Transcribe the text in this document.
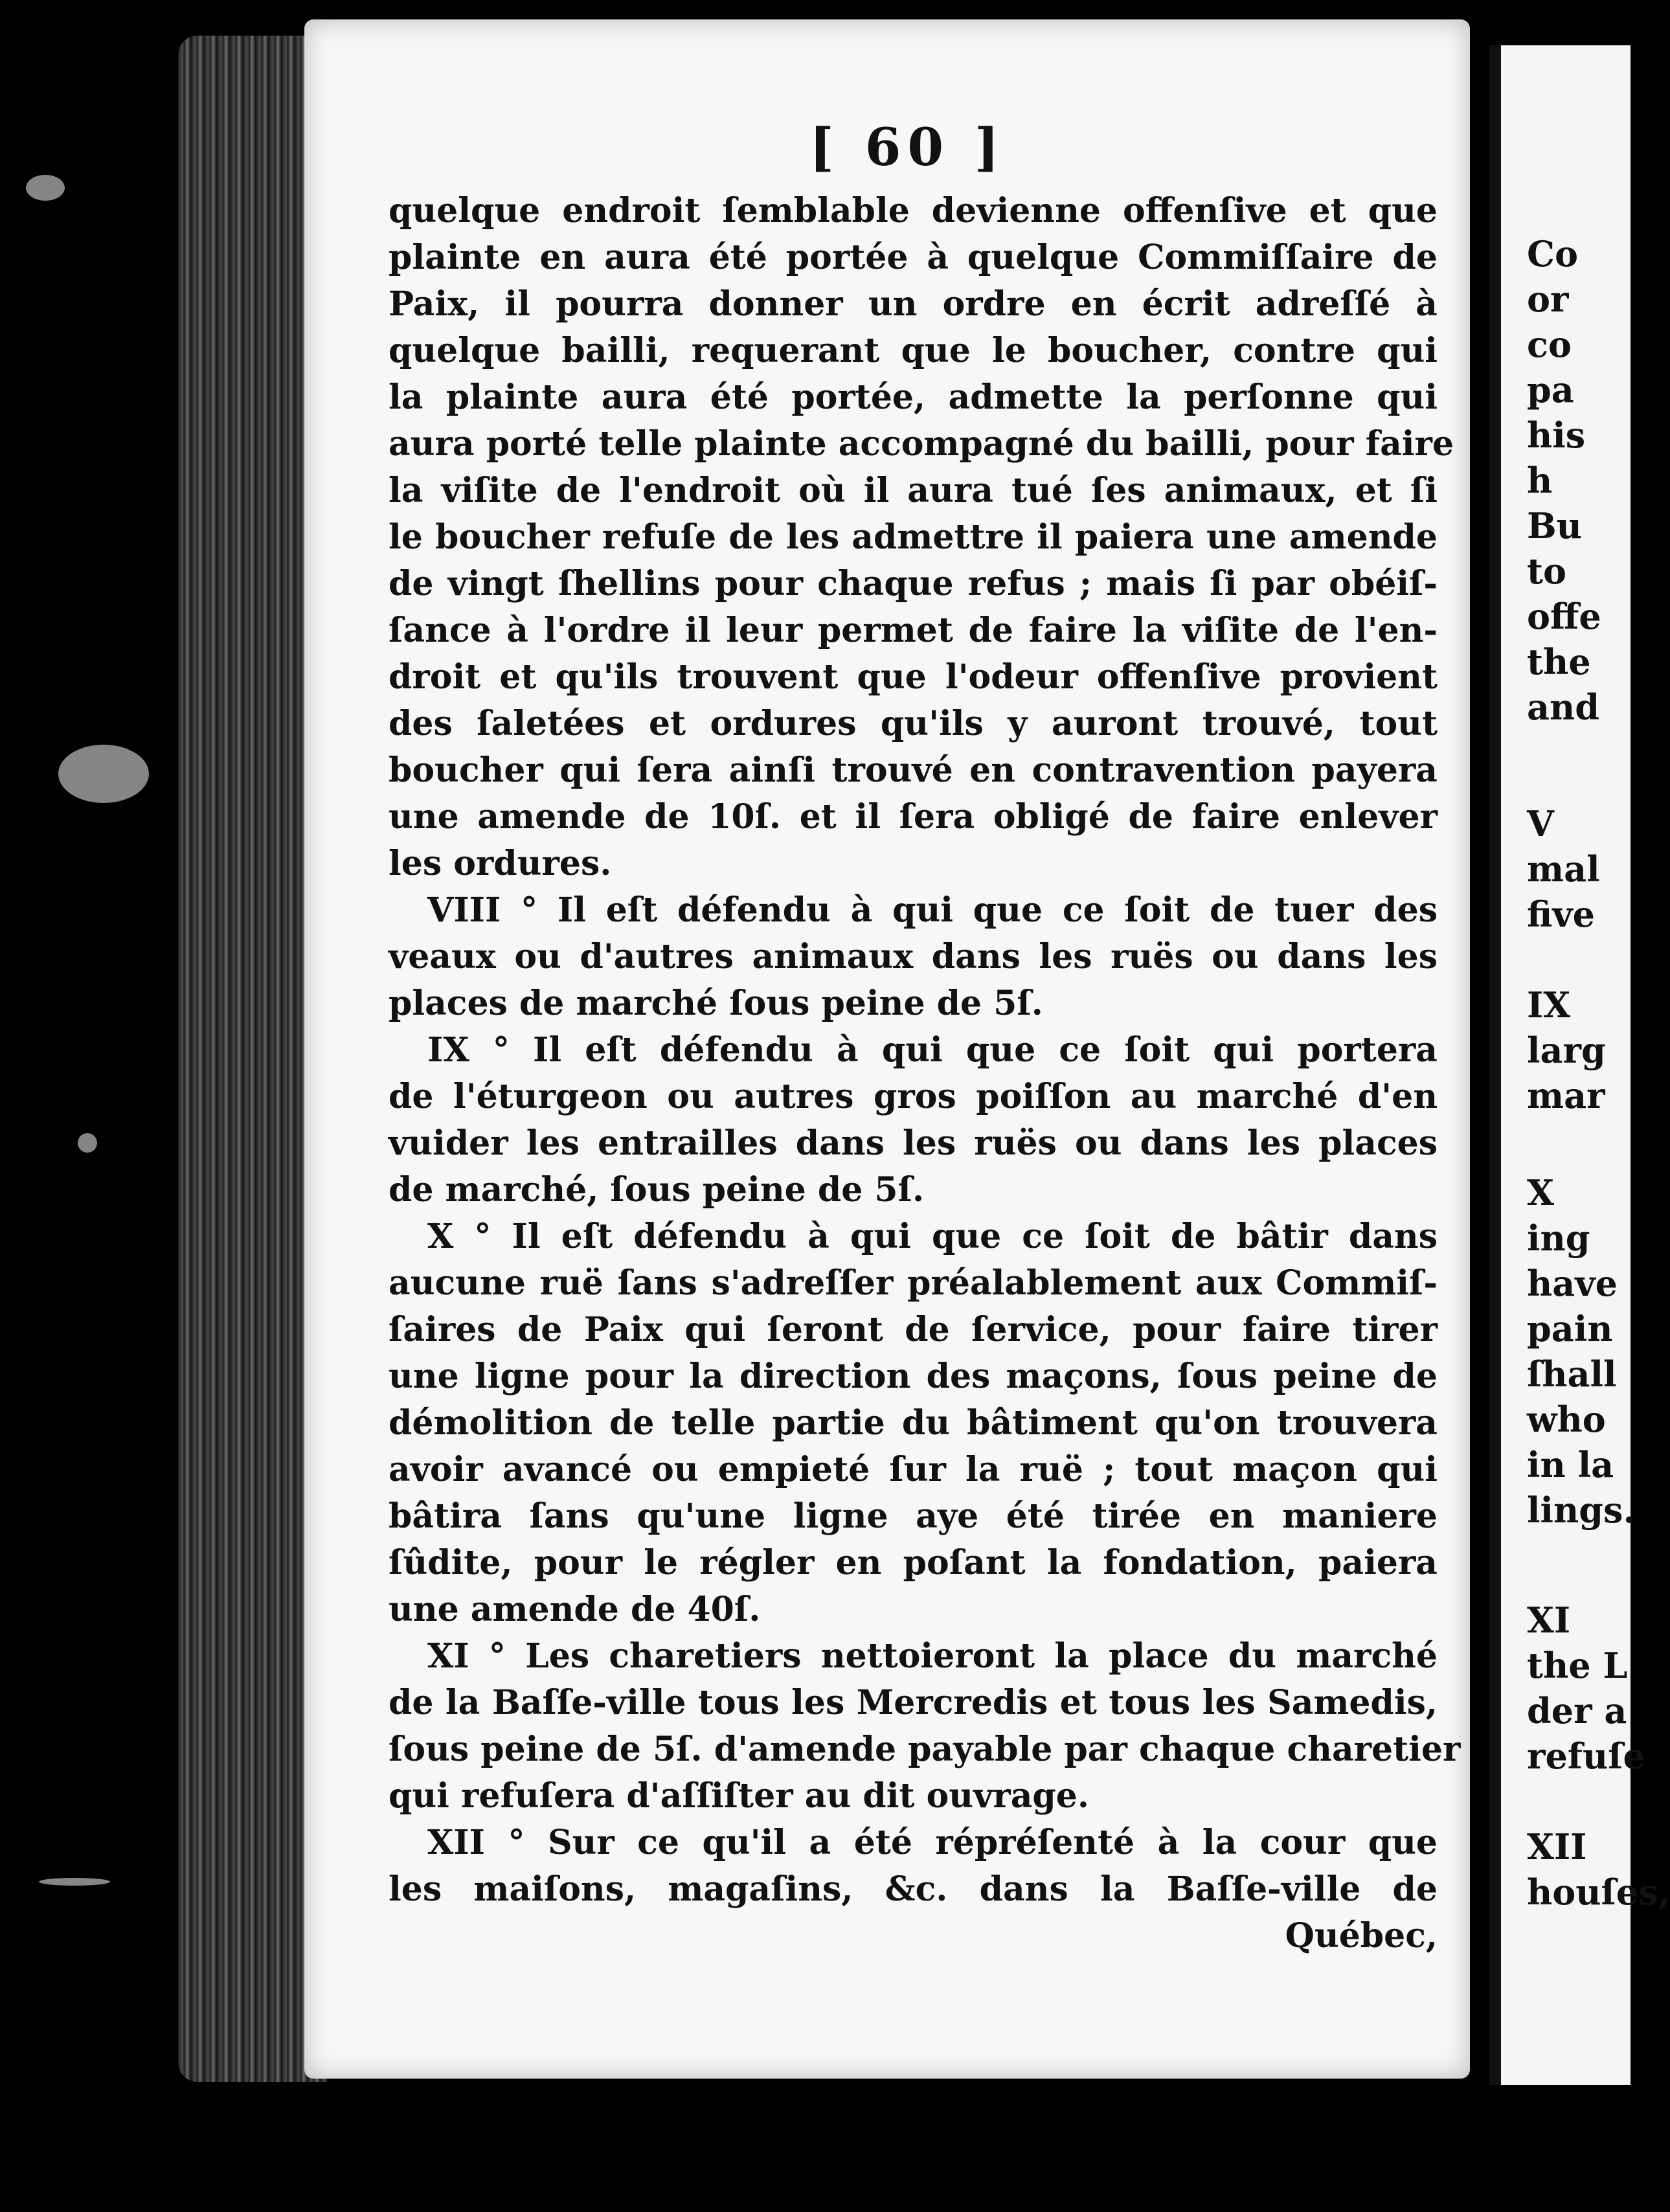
[ 60 ]
quelque endroit ſemblable devienne offenſive et que
plainte en aura été portée à quelque Commiſſaire de
Paix, il pourra donner un ordre en écrit adreſſé à
quelque bailli, requerant que le boucher, contre qui
la plainte aura été portée, admette la perſonne qui
aura porté telle plainte accompagné du bailli, pour faire
la viſite de l'endroit où il aura tué ſes animaux, et ſi
le boucher refuſe de les admettre il paiera une amende
de vingt ſhellins pour chaque refus ; mais ſi par obéiſ-
ſance à l'ordre il leur permet de faire la viſite de l'en-
droit et qu'ils trouvent que l'odeur offenſive provient
des ſaletées et ordures qu'ils y auront trouvé, tout
boucher qui ſera ainſi trouvé en contravention payera
une amende de 10ſ. et il ſera obligé de faire enlever
les ordures.
VIII ° Il eſt défendu à qui que ce ſoit de tuer des
veaux ou d'autres animaux dans les ruës ou dans les
places de marché ſous peine de 5ſ.
IX ° Il eſt défendu à qui que ce ſoit qui portera
de l'éturgeon ou autres gros poiſſon au marché d'en
vuider les entrailles dans les ruës ou dans les places
de marché, ſous peine de 5ſ.
X ° Il eſt défendu à qui que ce ſoit de bâtir dans
aucune ruë ſans s'adreſſer préalablement aux Commiſ-
ſaires de Paix qui ſeront de ſervice, pour faire tirer
une ligne pour la direction des maçons, ſous peine de
démolition de telle partie du bâtiment qu'on trouvera
avoir avancé ou empieté ſur la ruë ; tout maçon qui
bâtira ſans qu'une ligne aye été tirée en maniere
ſûdite, pour le régler en poſant la fondation, paiera
une amende de 40ſ.
XI ° Les charetiers nettoieront la place du marché
de la Baſſe-ville tous les Mercredis et tous les Samedis,
ſous peine de 5ſ. d'amende payable par chaque charetier
qui refuſera d'aſſiſter au dit ouvrage.
XII ° Sur ce qu'il a été répréſenté à la cour que
les maiſons, magaſins, &c. dans la Baſſe-ville de
Québec,
Co
or
co
pa
his
h
Bu
to
offe
the
and
V
mal
five
IX
larg
mar
X
ing
have
pain
ſhall
who
in la
lings.
XI
the L
der a
refuſe
XII
houſes,
